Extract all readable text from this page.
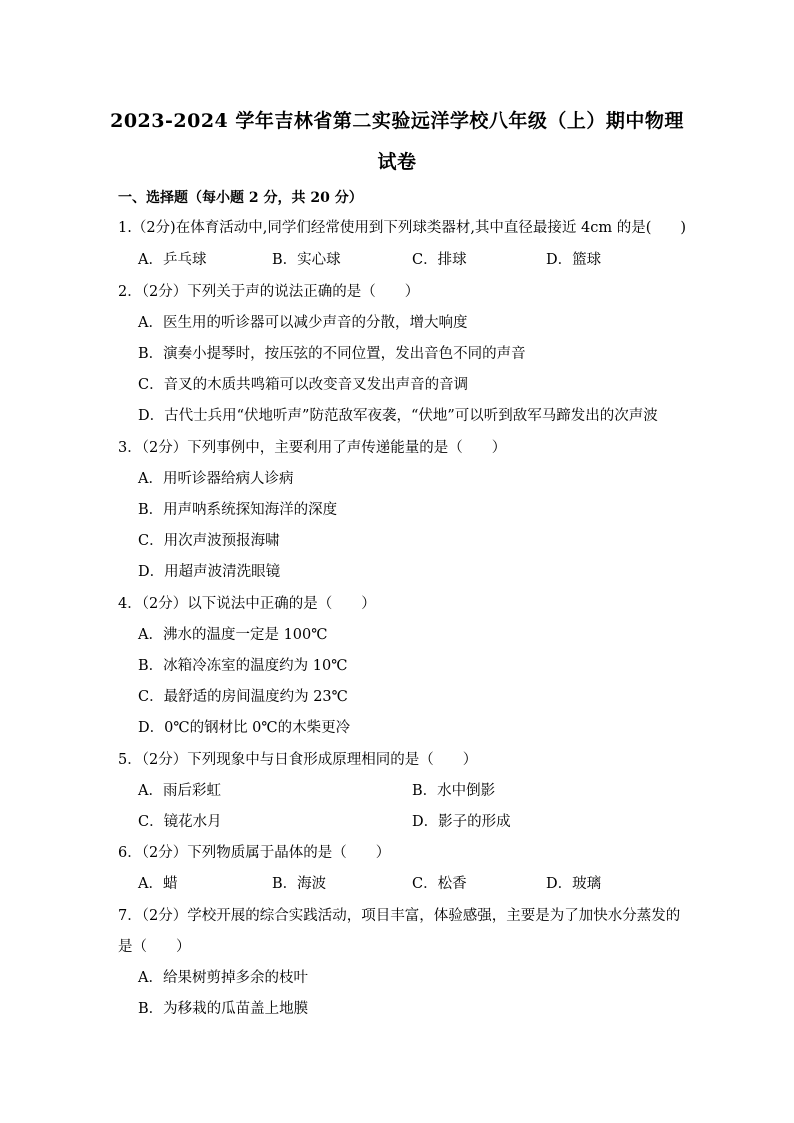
2023-2024 学年吉林省第二实验远洋学校八年级（上）期中物理
试卷
一、选择题（每小题 2 分，共 20 分）
1.（2分)在体育活动中,同学们经常使用到下列球类器材,其中直径最接近 4cm 的是(　　)
A．乒乓球	B．实心球	C．排球	D．篮球
2．（2分）下列关于声的说法正确的是（　　）
A．医生用的听诊器可以减少声音的分散，增大响度
B．演奏小提琴时，按压弦的不同位置，发出音色不同的声音
C．音叉的木质共鸣箱可以改变音叉发出声音的音调
D．古代士兵用“伏地听声”防范敌军夜袭，“伏地”可以听到敌军马蹄发出的次声波
3．（2分）下列事例中，主要利用了声传递能量的是（　　）
A．用听诊器给病人诊病
B．用声呐系统探知海洋的深度
C．用次声波预报海啸
D．用超声波清洗眼镜
4．（2分）以下说法中正确的是（　　）
A．沸水的温度一定是 100℃
B．冰箱冷冻室的温度约为 10℃
C．最舒适的房间温度约为 23℃
D．0℃的钢材比 0℃的木柴更冷
5．（2分）下列现象中与日食形成原理相同的是（　　）
A．雨后彩虹	B．水中倒影
C．镜花水月	D．影子的形成
6．（2分）下列物质属于晶体的是（　　）
A．蜡	B．海波	C．松香	D．玻璃
7．（2分）学校开展的综合实践活动，项目丰富，体验感强，主要是为了加快水分蒸发的
是（　　）
A．给果树剪掉多余的枝叶
B．为移栽的瓜苗盖上地膜
